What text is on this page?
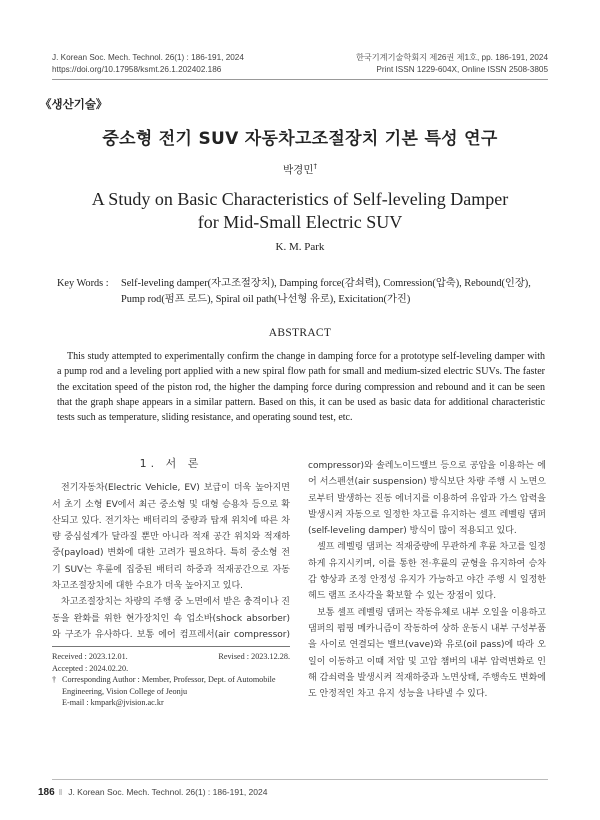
J. Korean Soc. Mech. Technol. 26(1) : 186-191, 2024
https://doi.org/10.17958/ksmt.26.1.202402.186
한국기계기술학회지 제26권 제1호, pp. 186-191, 2024
Print ISSN 1229-604X, Online ISSN 2508-3805
《생산기술》
중소형 전기 SUV 자동차고조절장치 기본 특성 연구
박경민†
A Study on Basic Characteristics of Self-leveling Damper
for Mid-Small Electric SUV
K. M. Park
Key Words :	Self-leveling damper(자고조절장치), Damping force(감쇠력), Comression(압축), Rebound(인장), Pump rod(펌프 로드), Spiral oil path(나선형 유로), Exicitation(가진)
ABSTRACT

This study attempted to experimentally confirm the change in damping force for a prototype self-leveling damper with a pump rod and a leveling port applied with a new spiral flow path for small and medium-sized electric SUVs. The faster the excitation speed of the piston rod, the higher the damping force during compression and rebound and it can be seen that the graph shape appears in a similar pattern. Based on this, it can be used as basic data for additional characteristic tests such as temperature, sliding resistance, and operating sound test, etc.

1. 서 론

전기자동차(Electric Vehicle, EV) 보급이 더욱 높아지면서 초기 소형 EV에서 최근 중소형 및 대형 승용차 등으로 확산되고 있다. 전기차는 배터리의 중량과 탑재 위치에 따른 차량 중심설계가 달라질 뿐만 아니라 적재 공간 위치와 적재하중(payload) 변화에 대한 고려가 필요하다. 특히 중소형 전기 SUV는 후륜에 집중된 배터리 하중과 적재공간으로 자동차고조절장치에 대한 수요가 더욱 높아지고 있다.

차고조절장치는 차량의 주행 중 노면에서 받은 충격이나 진동을 완화를 위한 현가장치인 쇽 업소바(shock absorber)와 구조가 유사하다. 보통 에어 컴프레서(air compressor)

compressor)와 솔레노이드밸브 등으로 공압을 이용하는 에어 서스펜션(air suspension) 방식보단 차량 주행 시 노면으로부터 발생하는 진동 에너지를 이용하여 유압과 가스 압력을 발생시켜 자동으로 일정한 차고를 유지하는 셀프 레벨링 댐퍼(self-leveling damper) 방식이 많이 적용되고 있다.

셀프 레벨링 댐퍼는 적재중량에 무관하게 후륜 차고를 일정하게 유지시키며, 이를 통한 전·후륜의 균형을 유지하여 승차감 향상과 조정 안정성 유지가 가능하고 야간 주행 시 일정한 헤드 램프 조사각을 확보할 수 있는 장점이 있다.

보통 셀프 레벨링 댐퍼는 작동유체로 내부 오일을 이용하고 댐퍼의 펌핑 메카니즘이 작동하여 상하 운동시 내부 구성부품을 사이로 연결되는 밸브(vave)와 유로(oil pass)에 따라 오일이 이동하고 이때 저압 및 고압 챔버의 내부 압력변화로 인해 감쇠력을 발생시켜 적재하중과 노면상태, 주행속도 변화에도 안정적인 차고 유지 성능을 나타낼 수 있다.

Received : 2023.12.01.	Revised : 2023.12.28.
Accepted : 2024.02.20.
† Corresponding Author : Member, Professor, Dept. of Automobile
Engineering, Vision College of Jeonju
E-mail : kmpark@jvision.ac.kr
186 ‖ J. Korean Soc. Mech. Technol. 26(1) : 186-191, 2024
